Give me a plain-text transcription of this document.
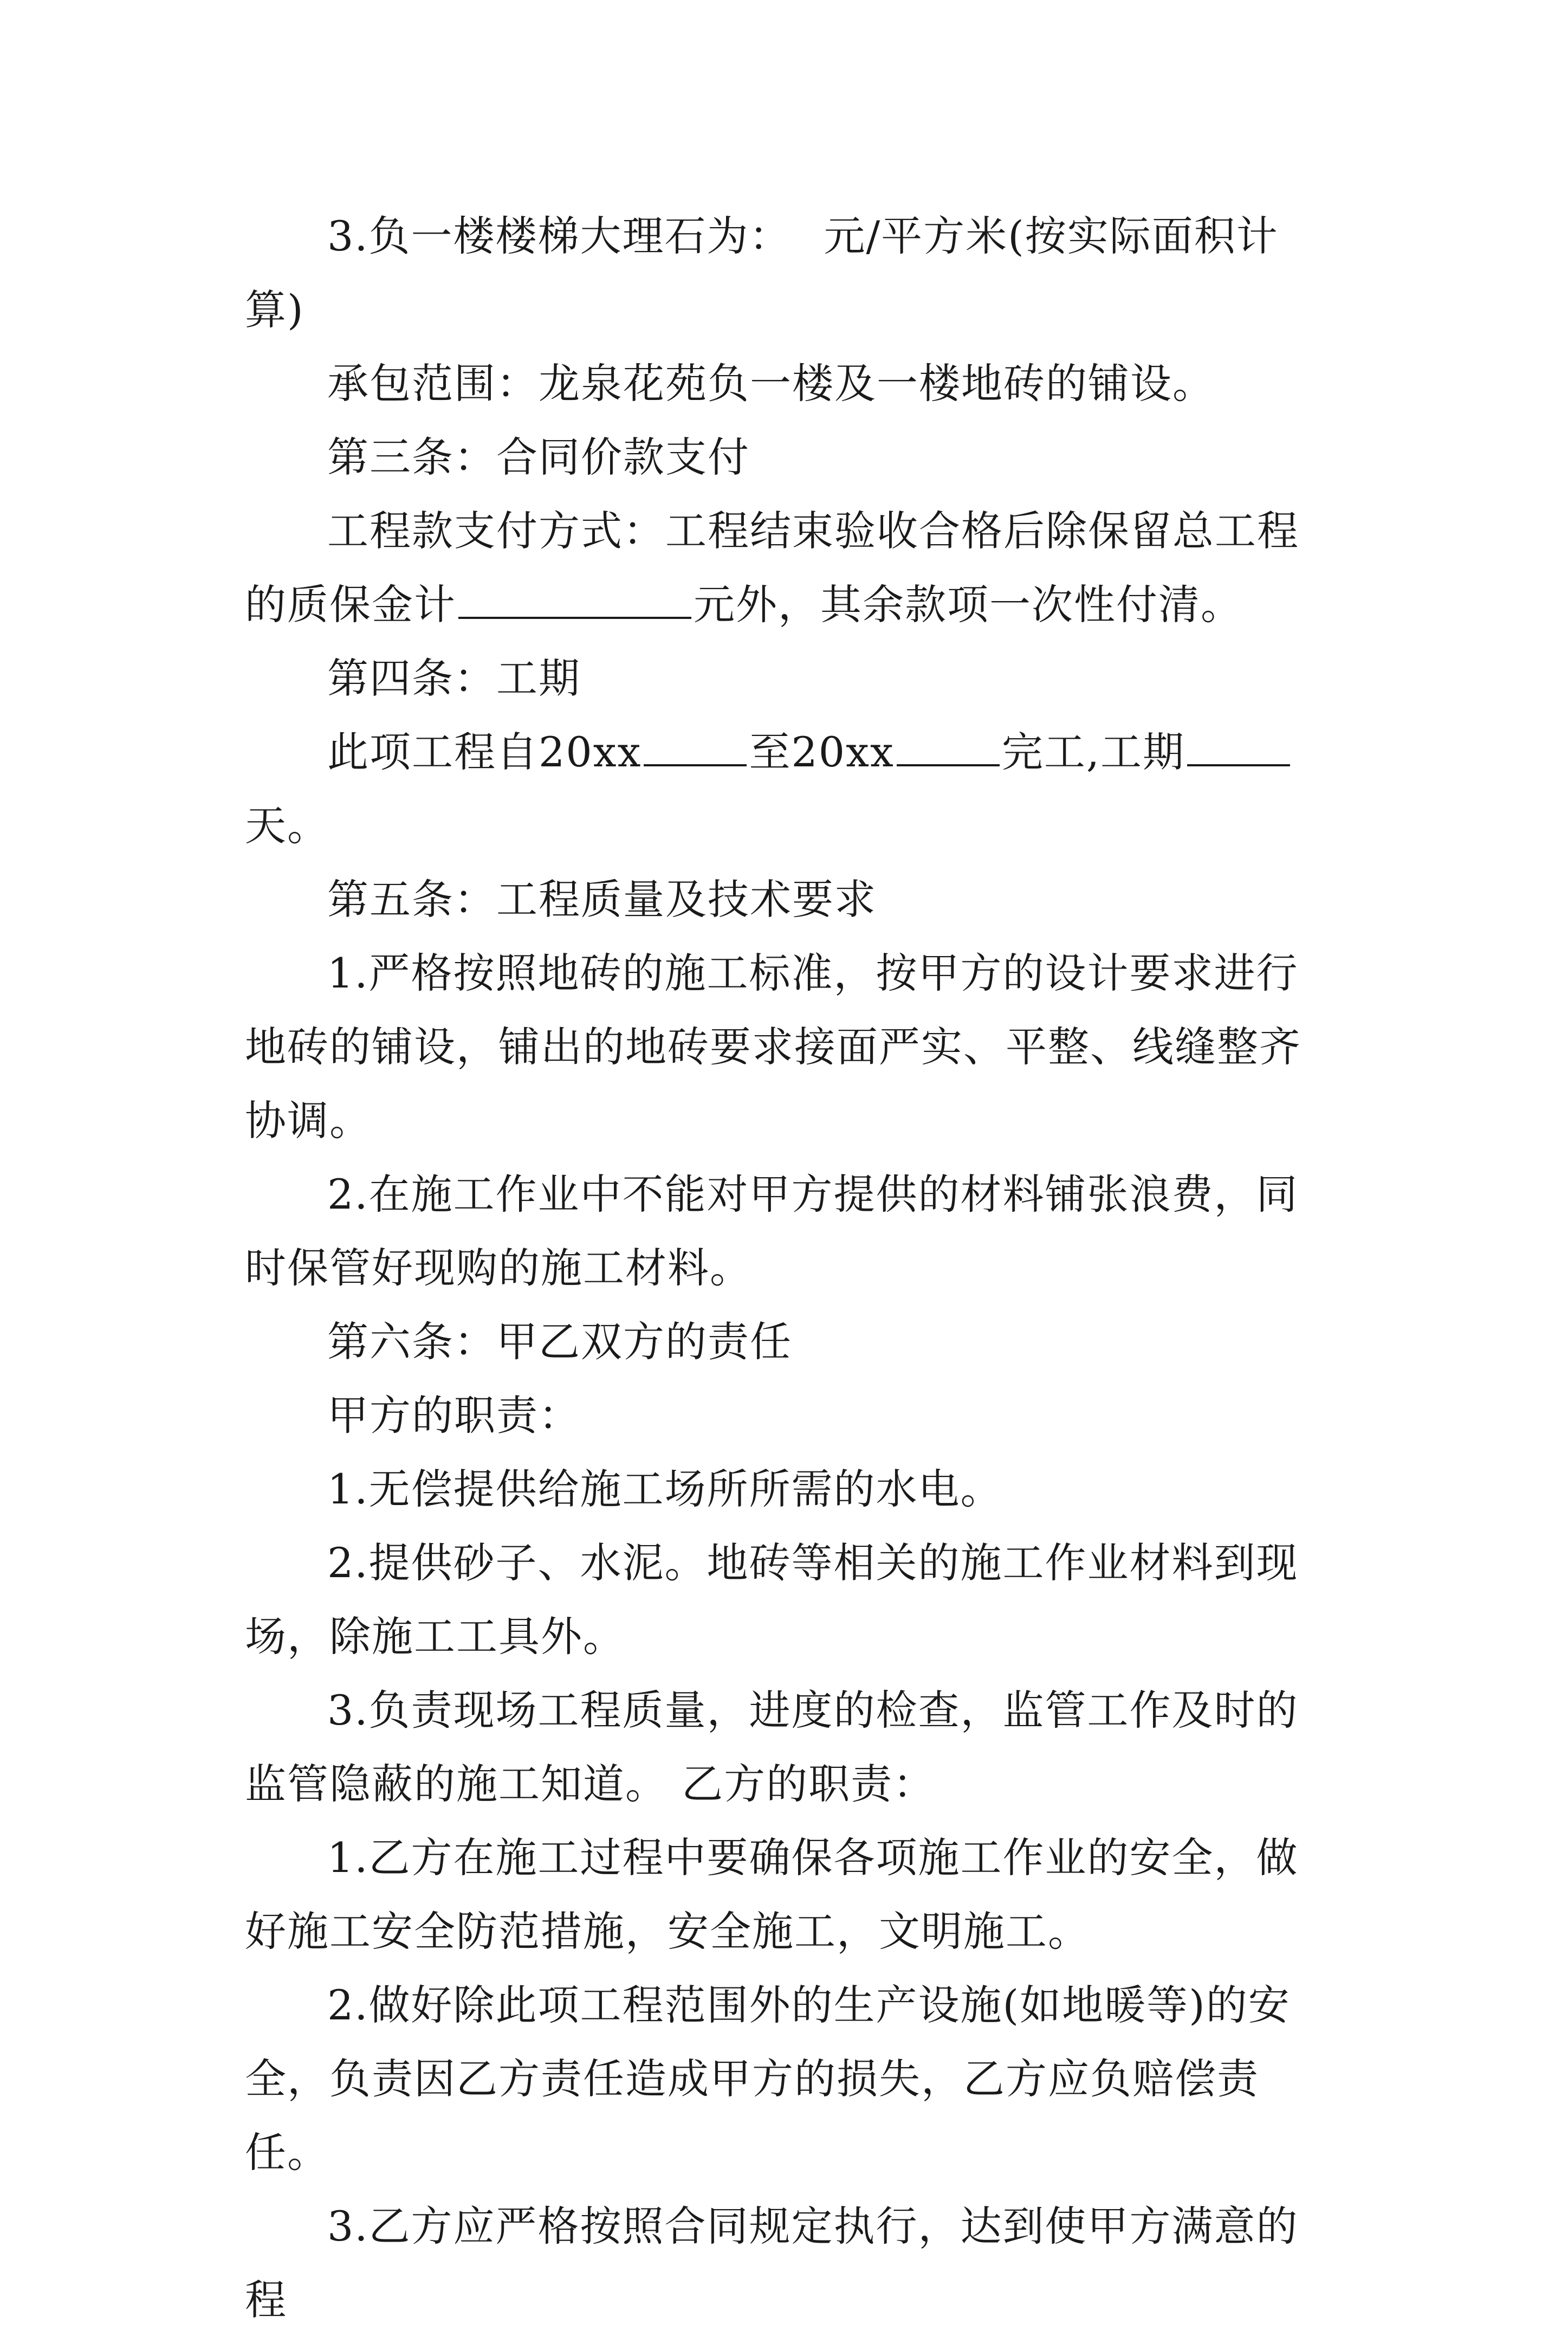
3.负一楼楼梯大理石为： 元/平方米(按实际面积计算)

承包范围：龙泉花苑负一楼及一楼地砖的铺设。

第三条：合同价款支付

工程款支付方式：工程结束验收合格后除保留总工程的质保金计	元外，其余款项一次性付清。

第四条：工期

此项工程自20xx	至20xx	完工,工期天。

第五条：工程质量及技术要求

1.严格按照地砖的施工标准，按甲方的设计要求进行地砖的铺设，铺出的地砖要求接面严实、平整、线缝整齐协调。

2.在施工作业中不能对甲方提供的材料铺张浪费，同时保管好现购的施工材料。

第六条：甲乙双方的责任

甲方的职责：

1.无偿提供给施工场所所需的水电。

2.提供砂子、水泥。地砖等相关的施工作业材料到现场，除施工工具外。

3.负责现场工程质量，进度的检查，监管工作及时的监管隐蔽的施工知道。 乙方的职责：

1.乙方在施工过程中要确保各项施工作业的安全，做好施工安全防范措施，安全施工，文明施工。

2.做好除此项工程范围外的生产设施(如地暖等)的安全，负责因乙方责任造成甲方的损失，乙方应负赔偿责任。

3.乙方应严格按照合同规定执行，达到使甲方满意的程
